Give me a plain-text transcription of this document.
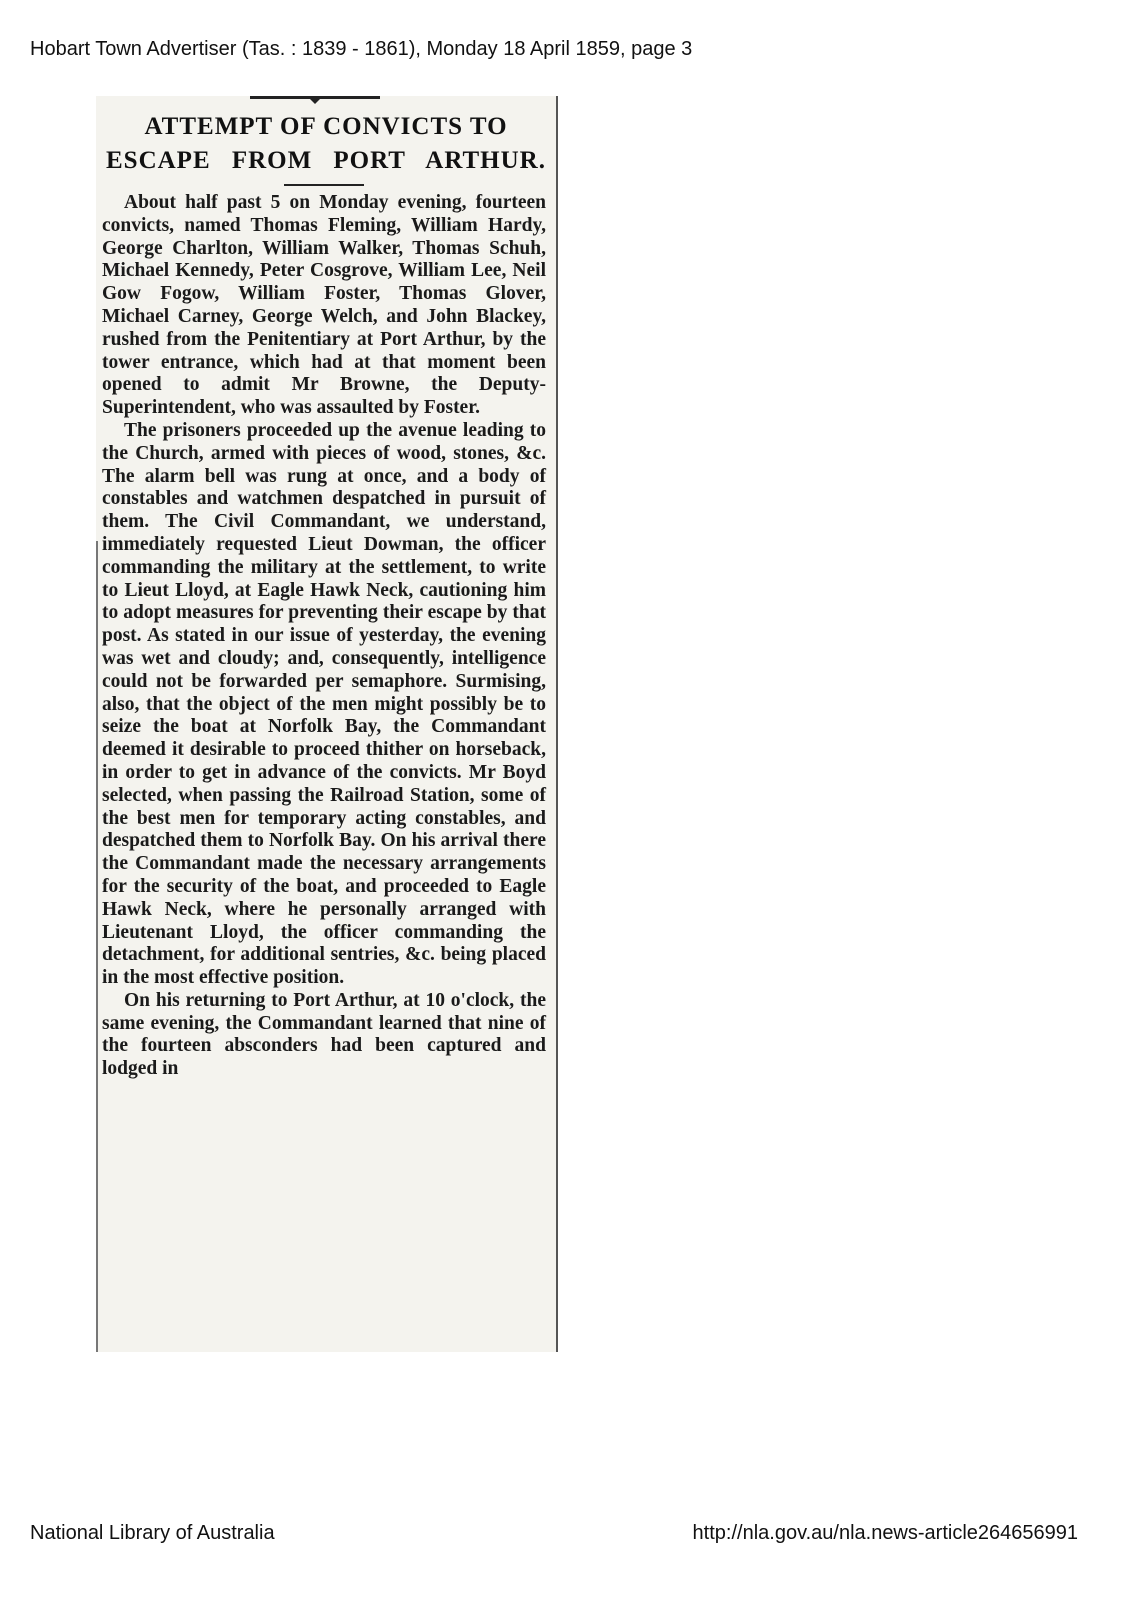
Hobart Town Advertiser (Tas. : 1839 - 1861), Monday 18 April 1859, page 3
ATTEMPT OF CONVICTS TO
ESCAPE FROM PORT ARTHUR.

About half past 5 on Monday evening, fourteen convicts, named Thomas Fleming, William Hardy, George Charlton, William Walker, Thomas Schuh, Michael Kennedy, Peter Cosgrove, William Lee, Neil Gow Fogow, William Foster, Thomas Glover, Michael Carney, George Welch, and John Blackey, rushed from the Penitentiary at Port Arthur, by the tower entrance, which had at that moment been opened to admit Mr Browne, the Deputy-Superintendent, who was assaulted by Foster.

The prisoners proceeded up the avenue leading to the Church, armed with pieces of wood, stones, &c. The alarm bell was rung at once, and a body of constables and watchmen despatched in pursuit of them. The Civil Commandant, we understand, immediately requested Lieut Dowman, the officer commanding the military at the settlement, to write to Lieut Lloyd, at Eagle Hawk Neck, cautioning him to adopt measures for preventing their escape by that post. As stated in our issue of yesterday, the evening was wet and cloudy; and, consequently, intelligence could not be forwarded per semaphore. Surmising, also, that the object of the men might possibly be to seize the boat at Norfolk Bay, the Commandant deemed it desirable to proceed thither on horseback, in order to get in advance of the convicts. Mr Boyd selected, when passing the Railroad Station, some of the best men for temporary acting constables, and despatched them to Norfolk Bay. On his arrival there the Commandant made the necessary arrangements for the security of the boat, and proceeded to Eagle Hawk Neck, where he personally arranged with Lieutenant Lloyd, the officer commanding the detachment, for additional sentries, &c. being placed in the most effective position.

On his returning to Port Arthur, at 10 o'clock, the same evening, the Commandant learned that nine of the fourteen absconders had been captured and lodged in

National Library of Australia	http://nla.gov.au/nla.news-article264656991
